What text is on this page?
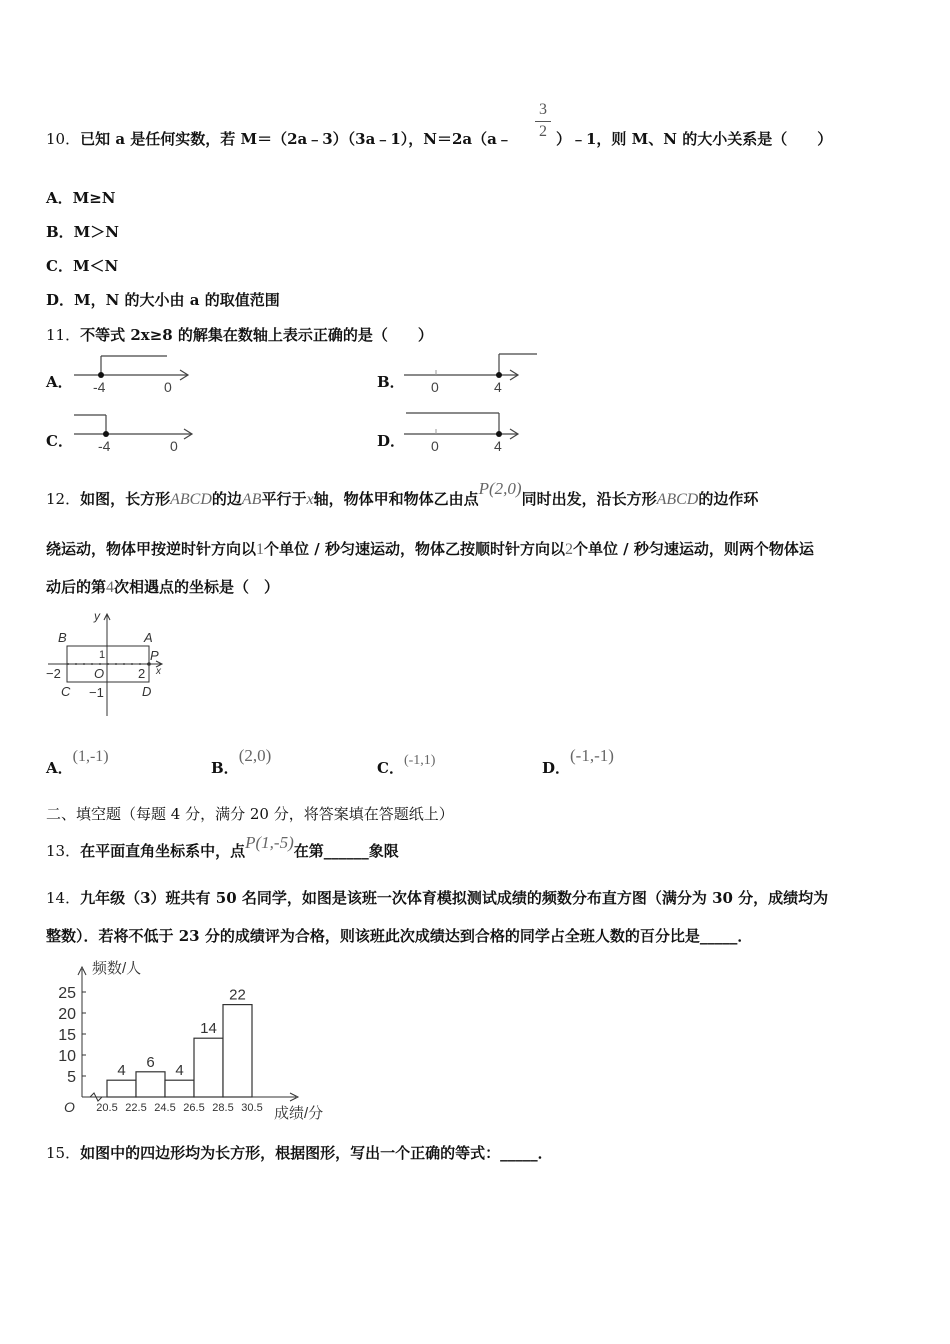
10．已知 a 是任何实数，若 M＝（2a﹣3）（3a﹣1），N＝2a（a﹣ $\frac{3}{2}$ ）﹣1，则 M、N 的大小关系是（　　）
A．M≥N
B．M＞N
C．M＜N
D．M，N 的大小由 a 的取值范围
11．不等式 2x≥8 的解集在数轴上表示正确的是（　　）
A． -4	0	B． 0	4
C． -4	0	D． 0	4
12．如图，长方形ABCD的边AB平行于x轴，物体甲和物体乙由点P(2,0)同时出发，沿长方形ABCD的边作环
绕运动，物体甲按逆时针方向以1个单位 / 秒匀速运动，物体乙按顺时针方向以2个单位 / 秒匀速运动，则两个物体运
动后的第4次相遇点的坐标是（　）
y
x
B	A
P
C	D
O
−2	2
1
−1
A．(1,-1)
B．(2,0)
C．(-1,1)	D．(-1,-1)
二、填空题（每题 4 分，满分 20 分，将答案填在答题纸上）
13．在平面直角坐标系中，点P(1,-5)在第______象限
14．九年级（3）班共有 50 名同学，如图是该班一次体育模拟测试成绩的频数分布直方图（满分为 30 分，成绩均为
整数）．若将不低于 23 分的成绩评为合格，则该班此次成绩达到合格的同学占全班人数的百分比是_____．
频数/人
成绩/分
O
5
10
15
20
25
4 6 4
14
22
20.5 22.5 24.5 26.5 28.5 30.5
15．如图中的四边形均为长方形，根据图形，写出一个正确的等式：_____．
